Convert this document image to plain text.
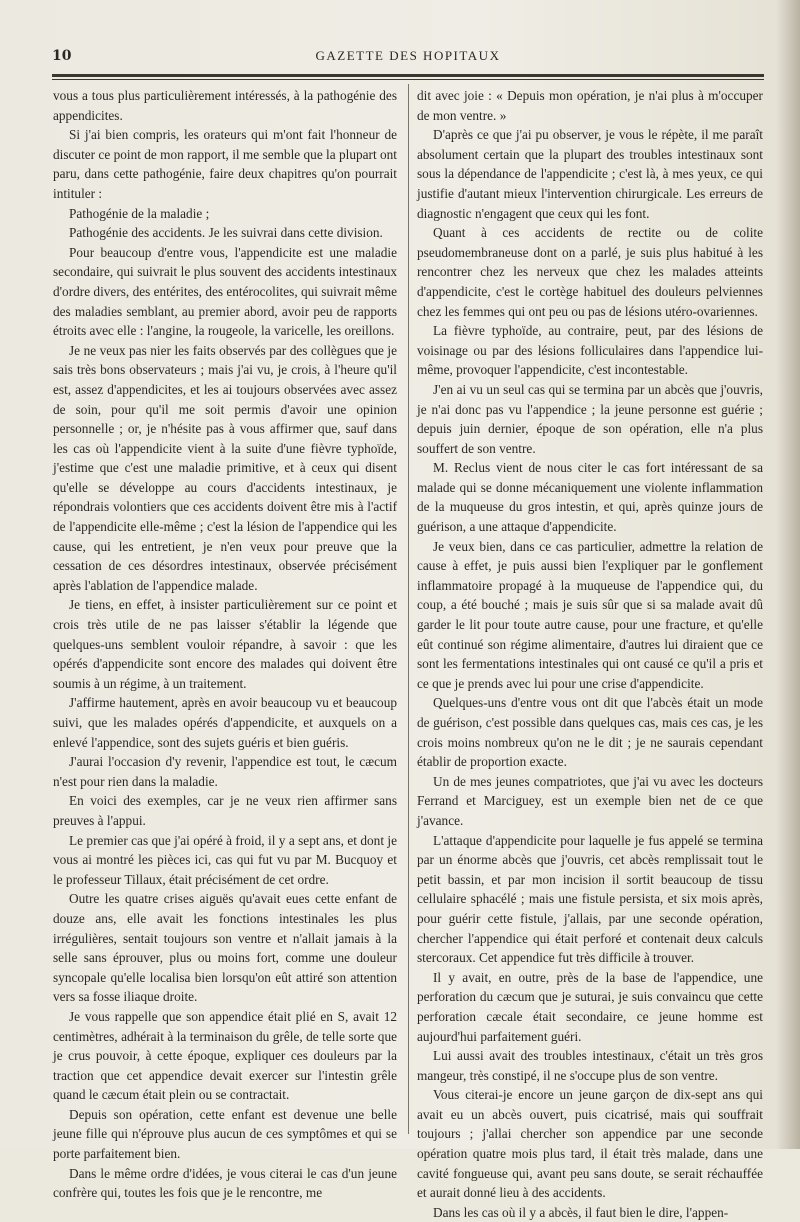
10	GAZETTE DES HOPITAUX

vous a tous plus particulièrement intéressés, à la pathogénie des appendicites.

Si j'ai bien compris, les orateurs qui m'ont fait l'honneur de discuter ce point de mon rapport, il me semble que la plupart ont paru, dans cette pathogénie, faire deux chapitres qu'on pourrait intituler :

Pathogénie de la maladie ;

Pathogénie des accidents. Je les suivrai dans cette division.

Pour beaucoup d'entre vous, l'appendicite est une maladie secondaire, qui suivrait le plus souvent des accidents intestinaux d'ordre divers, des entérites, des entérocolites, qui suivrait même des maladies semblant, au premier abord, avoir peu de rapports étroits avec elle : l'angine, la rougeole, la varicelle, les oreillons.

Je ne veux pas nier les faits observés par des collègues que je sais très bons observateurs ; mais j'ai vu, je crois, à l'heure qu'il est, assez d'appendicites, et les ai toujours observées avec assez de soin, pour qu'il me soit permis d'avoir une opinion personnelle ; or, je n'hésite pas à vous affirmer que, sauf dans les cas où l'appendicite vient à la suite d'une fièvre typhoïde, j'estime que c'est une maladie primitive, et à ceux qui disent qu'elle se développe au cours d'accidents intestinaux, je répondrais volontiers que ces accidents doivent être mis à l'actif de l'appendicite elle-même ; c'est la lésion de l'appendice qui les cause, qui les entretient, je n'en veux pour preuve que la cessation de ces désordres intestinaux, observée précisément après l'ablation de l'appendice malade.

Je tiens, en effet, à insister particulièrement sur ce point et crois très utile de ne pas laisser s'établir la légende que quelques-uns semblent vouloir répandre, à savoir : que les opérés d'appendicite sont encore des malades qui doivent être soumis à un régime, à un traitement.

J'affirme hautement, après en avoir beaucoup vu et beaucoup suivi, que les malades opérés d'appendicite, et auxquels on a enlevé l'appendice, sont des sujets guéris et bien guéris.

J'aurai l'occasion d'y revenir, l'appendice est tout, le cæcum n'est pour rien dans la maladie.

En voici des exemples, car je ne veux rien affirmer sans preuves à l'appui.

Le premier cas que j'ai opéré à froid, il y a sept ans, et dont je vous ai montré les pièces ici, cas qui fut vu par M. Bucquoy et le professeur Tillaux, était précisément de cet ordre.

Outre les quatre crises aiguës qu'avait eues cette enfant de douze ans, elle avait les fonctions intestinales les plus irrégulières, sentait toujours son ventre et n'allait jamais à la selle sans éprouver, plus ou moins fort, comme une douleur syncopale qu'elle localisa bien lorsqu'on eût attiré son attention vers sa fosse iliaque droite.

Je vous rappelle que son appendice était plié en S, avait 12 centimètres, adhérait à la terminaison du grêle, de telle sorte que je crus pouvoir, à cette époque, expliquer ces douleurs par la traction que cet appendice devait exercer sur l'intestin grêle quand le cæcum était plein ou se contractait.

Depuis son opération, cette enfant est devenue une belle jeune fille qui n'éprouve plus aucun de ces symptômes et qui se porte parfaitement bien.

Dans le même ordre d'idées, je vous citerai le cas d'un jeune confrère qui, toutes les fois que je le rencontre, me

dit avec joie : « Depuis mon opération, je n'ai plus à m'occuper de mon ventre. »

D'après ce que j'ai pu observer, je vous le répète, il me paraît absolument certain que la plupart des troubles intestinaux sont sous la dépendance de l'appendicite ; c'est là, à mes yeux, ce qui justifie d'autant mieux l'intervention chirurgicale. Les erreurs de diagnostic n'engagent que ceux qui les font.

Quant à ces accidents de rectite ou de colite pseudomembraneuse dont on a parlé, je suis plus habitué à les rencontrer chez les nerveux que chez les malades atteints d'appendicite, c'est le cortège habituel des douleurs pelviennes chez les femmes qui ont peu ou pas de lésions utéro-ovariennes.

La fièvre typhoïde, au contraire, peut, par des lésions de voisinage ou par des lésions folliculaires dans l'appendice lui-même, provoquer l'appendicite, c'est incontestable.

J'en ai vu un seul cas qui se termina par un abcès que j'ouvris, je n'ai donc pas vu l'appendice ; la jeune personne est guérie ; depuis juin dernier, époque de son opération, elle n'a plus souffert de son ventre.

M. Reclus vient de nous citer le cas fort intéressant de sa malade qui se donne mécaniquement une violente inflammation de la muqueuse du gros intestin, et qui, après quinze jours de guérison, a une attaque d'appendicite.

Je veux bien, dans ce cas particulier, admettre la relation de cause à effet, je puis aussi bien l'expliquer par le gonflement inflammatoire propagé à la muqueuse de l'appendice qui, du coup, a été bouché ; mais je suis sûr que si sa malade avait dû garder le lit pour toute autre cause, pour une fracture, et qu'elle eût continué son régime alimentaire, d'autres lui diraient que ce sont les fermentations intestinales qui ont causé ce qu'il a pris et ce que je prends avec lui pour une crise d'appendicite.

Quelques-uns d'entre vous ont dit que l'abcès était un mode de guérison, c'est possible dans quelques cas, mais ces cas, je les crois moins nombreux qu'on ne le dit ; je ne saurais cependant établir de proportion exacte.

Un de mes jeunes compatriotes, que j'ai vu avec les docteurs Ferrand et Marciguey, est un exemple bien net de ce que j'avance.

L'attaque d'appendicite pour laquelle je fus appelé se termina par un énorme abcès que j'ouvris, cet abcès remplissait tout le petit bassin, et par mon incision il sortit beaucoup de tissu cellulaire sphacélé ; mais une fistule persista, et six mois après, pour guérir cette fistule, j'allais, par une seconde opération, chercher l'appendice qui était perforé et contenait deux calculs stercoraux. Cet appendice fut très difficile à trouver.

Il y avait, en outre, près de la base de l'appendice, une perforation du cæcum que je suturai, je suis convaincu que cette perforation cæcale était secondaire, ce jeune homme est aujourd'hui parfaitement guéri.

Lui aussi avait des troubles intestinaux, c'était un très gros mangeur, très constipé, il ne s'occupe plus de son ventre.

Vous citerai-je encore un jeune garçon de dix-sept ans qui avait eu un abcès ouvert, puis cicatrisé, mais qui souffrait toujours ; j'allai chercher son appendice par une seconde opération quatre mois plus tard, il était très malade, dans une cavité fongueuse qui, avant peu sans doute, se serait réchauffée et aurait donné lieu à des accidents.

Dans les cas où il y a abcès, il faut bien le dire, l'appen-
